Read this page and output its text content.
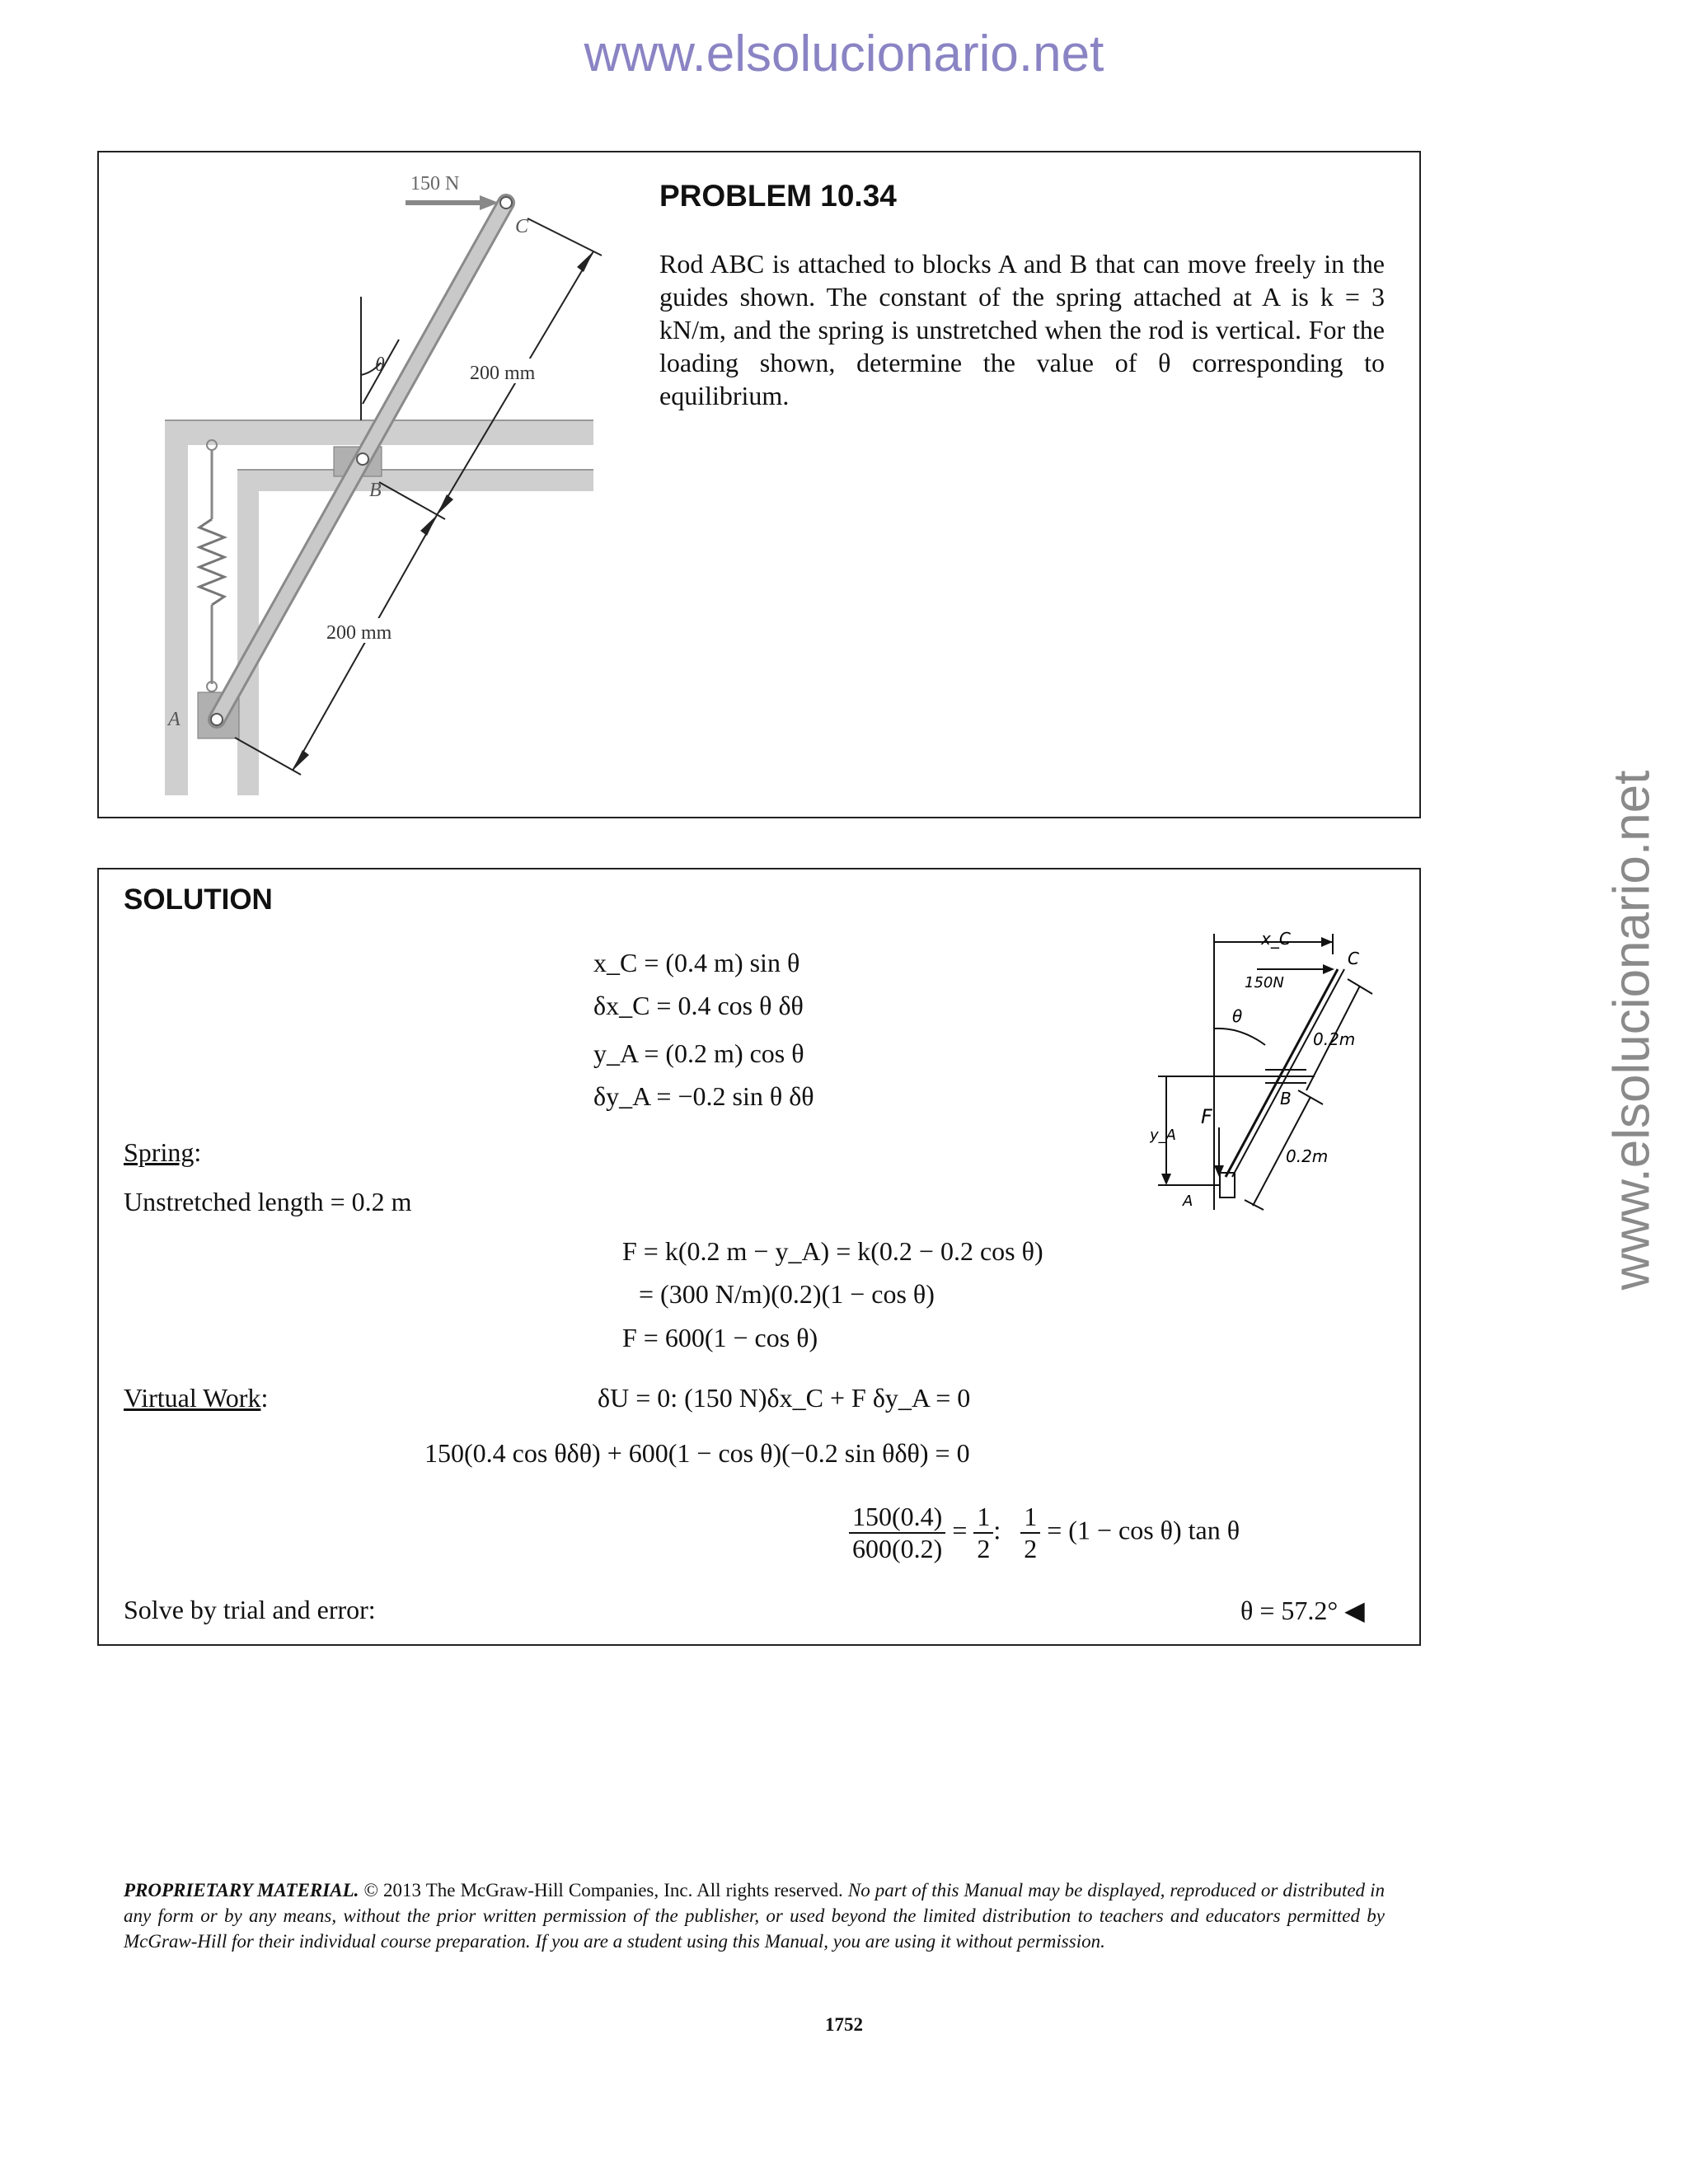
www.elsolucionario.net
www.elsolucionario.net
150 N
C
B
A
θ	200 mm
200 mm
PROBLEM 10.34
Rod ABC is attached to blocks A and B that can move freely in the guides shown. The constant of the spring attached at A is k = 3 kN/m, and the spring is unstretched when the rod is vertical. For the loading shown, determine the value of θ corresponding to equilibrium.
SOLUTION
x_C = (0.4 m) sin θ
δx_C = 0.4 cos θ δθ
y_A = (0.2 m) cos θ
δy_A = −0.2 sin θ δθ
Spring:
Unstretched length = 0.2 m
F = k(0.2 m − y_A) = k(0.2 − 0.2 cos θ)
= (300 N/m)(0.2)(1 − cos θ)
F = 600(1 − cos θ)
Virtual Work:	δU = 0: (150 N)δx_C + F δy_A = 0
150(0.4 cos θδθ) + 600(1 − cos θ)(−0.2 sin θδθ) = 0
$\frac{150(0.4)}{600(0.2)} = \frac{1}{2}$ : $\frac{1}{2} = (1 - \cos \theta)$ tan θ
Solve by trial and error:	θ = 57.2° ◀
x_C
150N
C
0.2m
θ
B
0.2m
F
y_A
A
PROPRIETARY MATERIAL. © 2013 The McGraw-Hill Companies, Inc. All rights reserved. No part of this Manual may be displayed, reproduced or distributed in any form or by any means, without the prior written permission of the publisher, or used beyond the limited distribution to teachers and educators permitted by McGraw-Hill for their individual course preparation. If you are a student using this Manual, you are using it without permission.
1752
